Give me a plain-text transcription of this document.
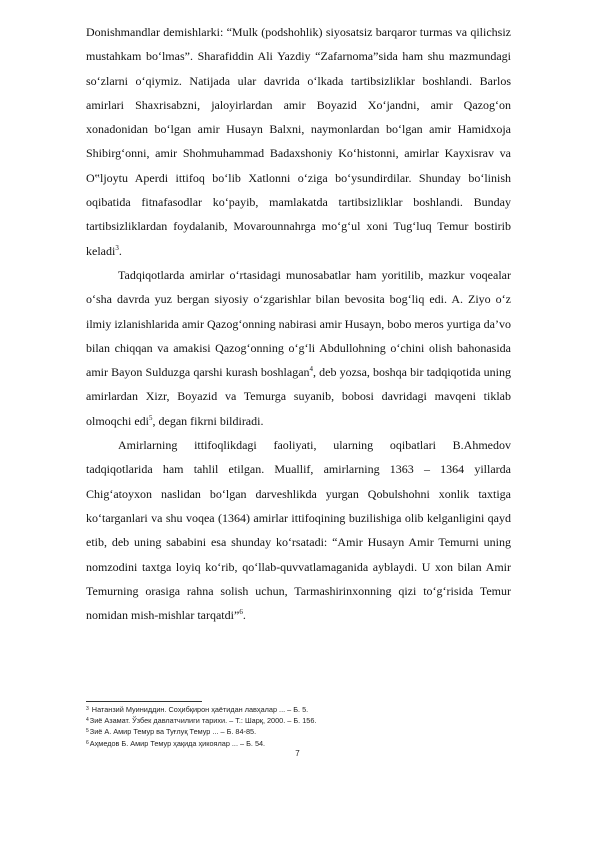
Donishmandlar demishlarki: “Mulk (podshohlik) siyosatsiz barqaror turmas va qilichsiz mustahkam bo‘lmas”. Sharafiddin Ali Yazdiy “Zafarnoma”sida ham shu mazmundagi so‘zlarni o‘qiymiz. Natijada ular davrida o‘lkada tartibsizliklar boshlandi. Barlos amirlari Shaxrisabzni, jaloyirlardan amir Boyazid Xo‘jandni, amir Qazog‘on xonadonidan bo‘lgan amir Husayn Balxni, naymonlardan bo‘lgan amir Hamidxoja Shibirg‘onni, amir Shohmuhammad Badaxshoniy Ko‘histonni, amirlar Kayxisrav va O‟ljoytu Aperdi ittifoq bo‘lib Xatlonni o‘ziga bo‘ysundirdilar. Shunday bo‘linish oqibatida fitnafasodlar ko‘payib, mamlakatda tartibsizliklar boshlandi. Bunday tartibsizliklardan foydalanib, Movarounnahrga mo‘g‘ul xoni Tug‘luq Temur bostirib keladi$^3$.

Tadqiqotlarda amirlar o‘rtasidagi munosabatlar ham yoritilib, mazkur voqealar o‘sha davrda yuz bergan siyosiy o‘zgarishlar bilan bevosita bog‘liq edi. A. Ziyo o‘z ilmiy izlanishlarida amir Qazog‘onning nabirasi amir Husayn, bobo meros yurtiga da’vo bilan chiqqan va amakisi Qazog‘onning o‘g‘li Abdullohning o‘chini olish bahonasida amir Bayon Sulduzga qarshi kurash boshlagan$^4$, deb yozsa, boshqa bir tadqiqotida uning amirlardan Xizr, Boyazid va Temurga suyanib, bobosi davridagi mavqeni tiklab olmoqchi edi$^5$, degan fikrni bildiradi.

Amirlarning ittifoqlikdagi faoliyati, ularning oqibatlari B.Ahmedov tadqiqotlarida ham tahlil etilgan. Muallif, amirlarning 1363 – 1364 yillarda Chig‘atoyxon naslidan bo‘lgan darveshlikda yurgan Qobulshohni xonlik taxtiga ko‘targanlari va shu voqea (1364) amirlar ittifoqining buzilishiga olib kelganligini qayd etib, deb uning sababini esa shunday ko‘rsatadi: “Amir Husayn Amir Temurni uning nomzodini taxtga loyiq ko‘rib, qo‘llab-quvvatlamaganida ayblaydi. U xon bilan Amir Temurning orasiga rahna solish uchun, Tarmashirinxonning qizi to‘g‘risida Temur nomidan mish-mishlar tarqatdi”$^6$.

$^3$ Натанзий Муиниддин. Соҳибқирон ҳаётидан лавҳалар ... – Б. 5.
$^4$Зиё Азамат. Ўзбек давлатчилиги тарихи. – Т.: Шарқ, 2000. – Б. 156.
$^5$Зиё А. Амир Темур ва Туғлуқ Темур ... – Б. 84-85.
$^6$Аҳмедов Б. Амир Темур ҳақида ҳикоялар ... – Б. 54.
7
